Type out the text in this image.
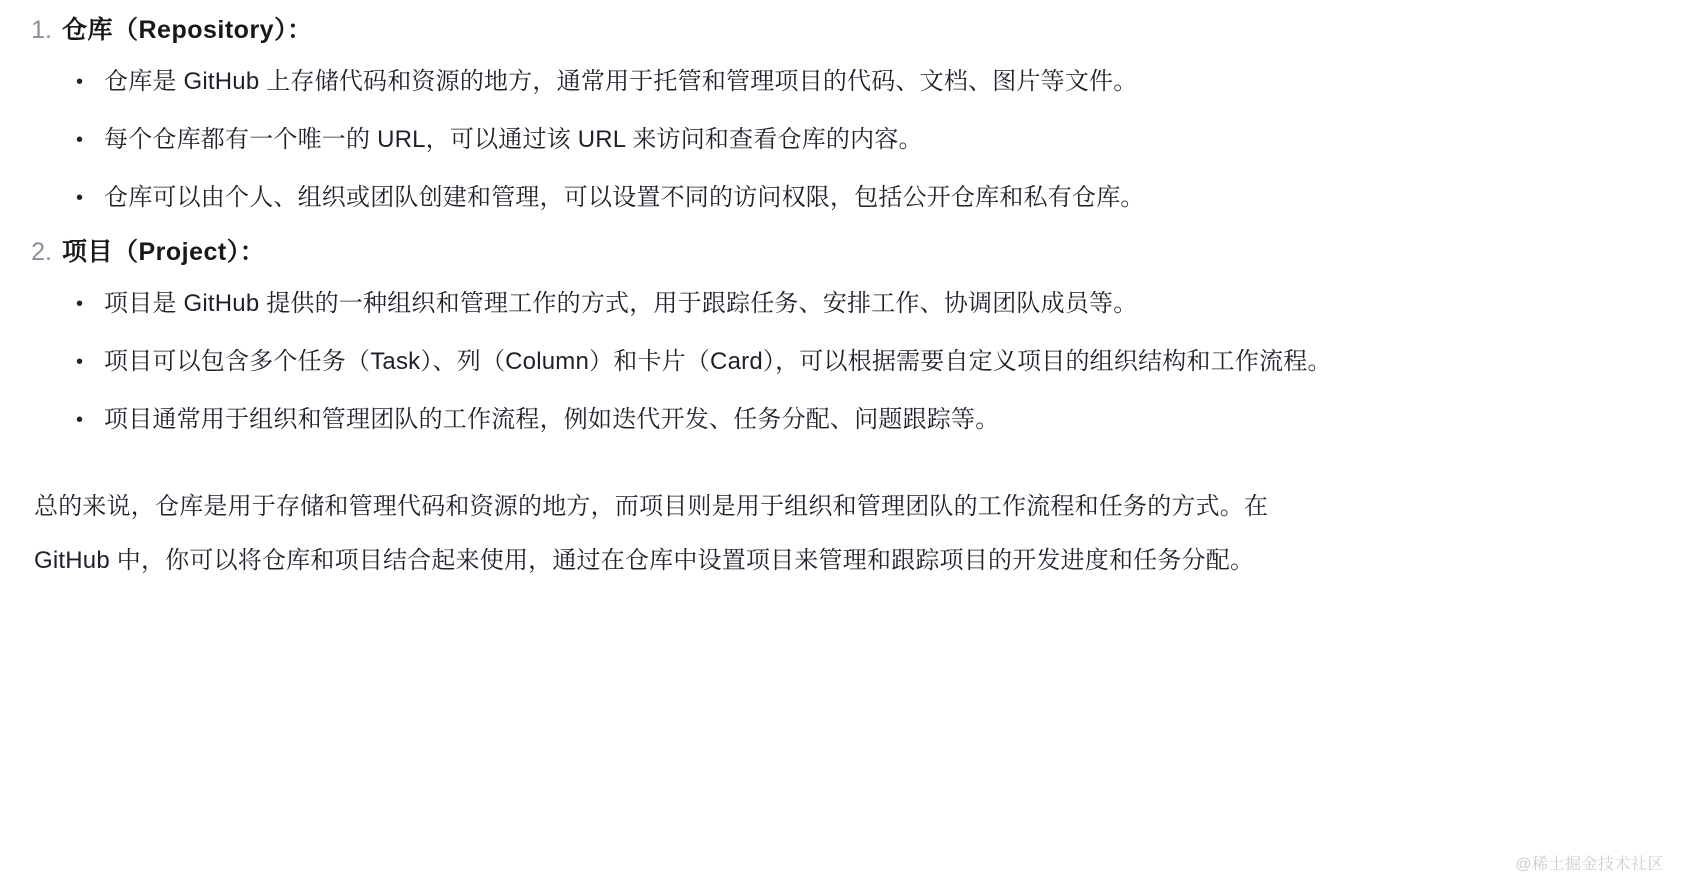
仓库（Repository）：
• 仓库是 GitHub 上存储代码和资源的地方，通常用于托管和管理项目的代码、文档、图片等文件。
• 每个仓库都有一个唯一的 URL，可以通过该 URL 来访问和查看仓库的内容。
• 仓库可以由个人、组织或团队创建和管理，可以设置不同的访问权限，包括公开仓库和私有仓库。
项目（Project）：
• 项目是 GitHub 提供的一种组织和管理工作的方式，用于跟踪任务、安排工作、协调团队成员等。
• 项目可以包含多个任务（Task）、列（Column）和卡片（Card），可以根据需要自定义项目的组织结构和工作流程。
• 项目通常用于组织和管理团队的工作流程，例如迭代开发、任务分配、问题跟踪等。

总的来说，仓库是用于存储和管理代码和资源的地方，而项目则是用于组织和管理团队的工作流程和任务的方式。在 GitHub 中，你可以将仓库和项目结合起来使用，通过在仓库中设置项目来管理和跟踪项目的开发进度和任务分配。

@稀土掘金技术社区
